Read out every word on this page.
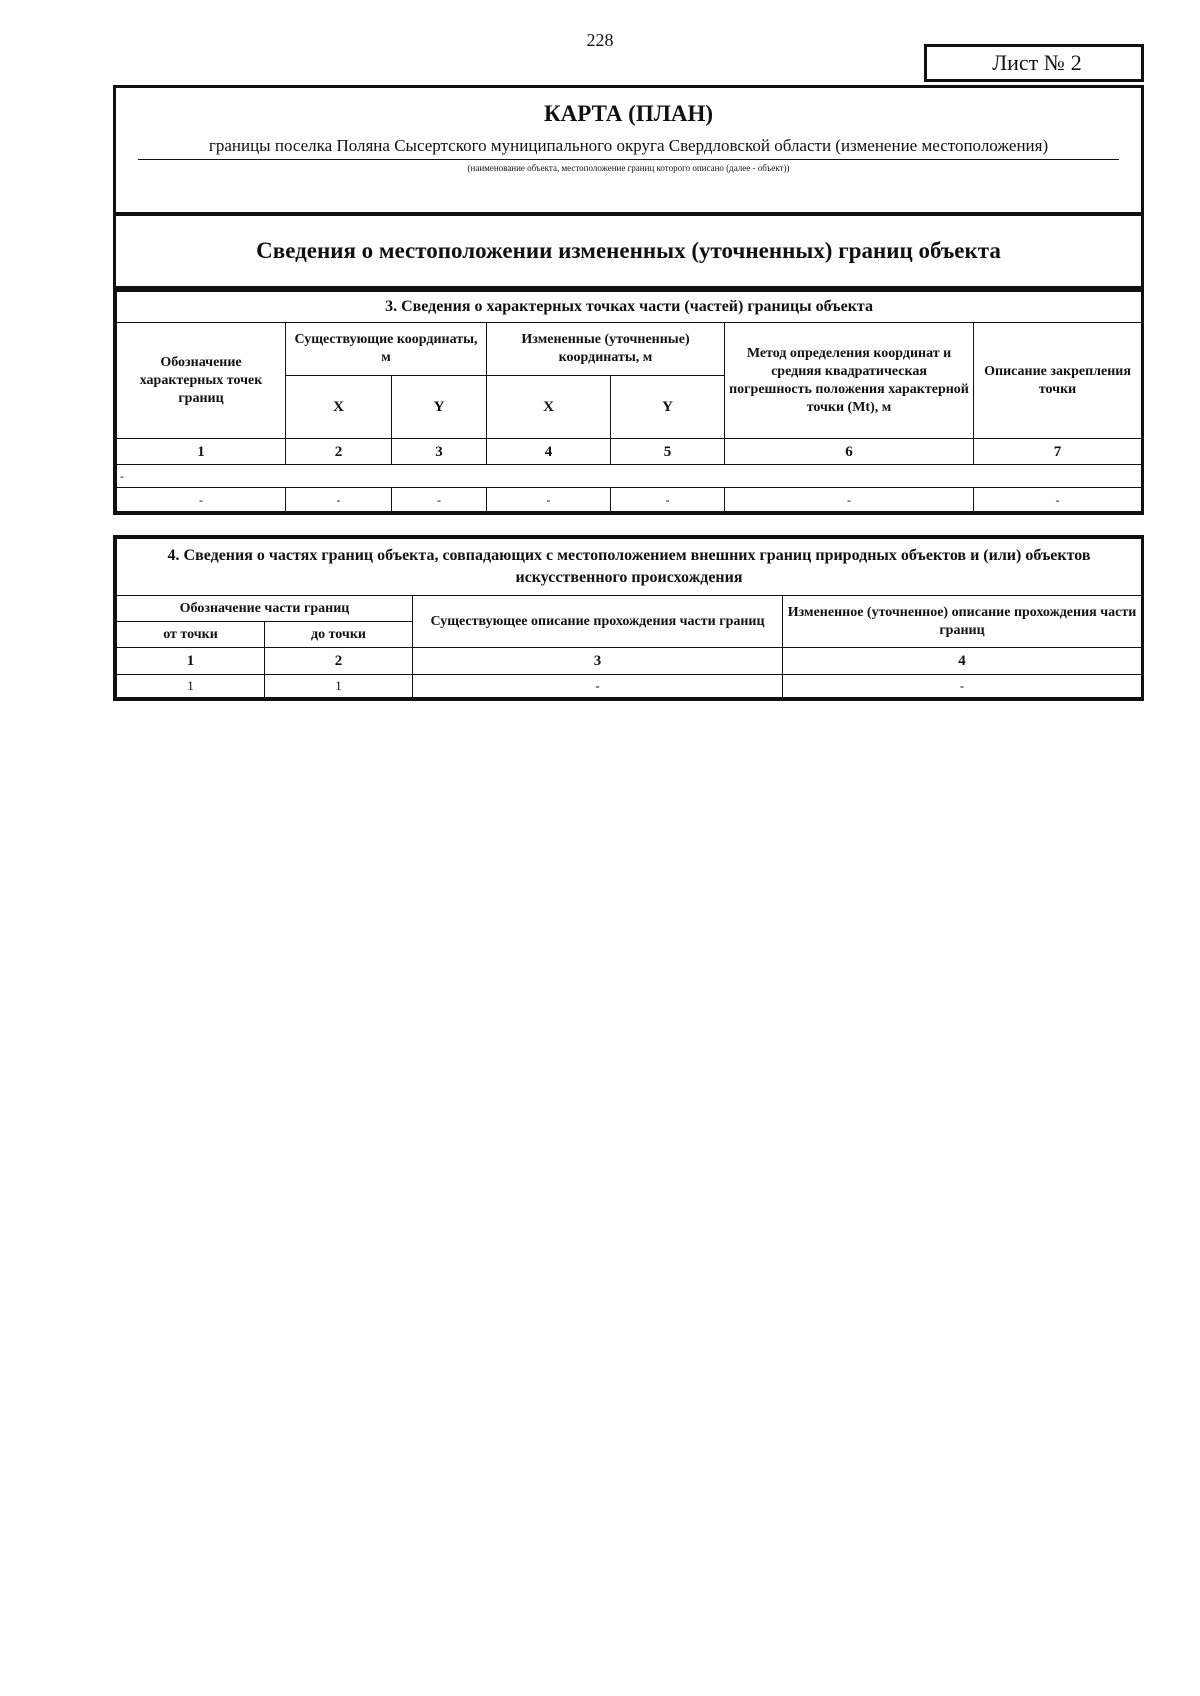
228
Лист № 2
КАРТА (ПЛАН)
границы поселка Поляна Сысертского муниципального округа Свердловской области (изменение местоположения)
(наименование объекта, местоположение границ которого описано (далее - объект))
Сведения о местоположении измененных (уточненных) границ объекта
3. Сведения о характерных точках части (частей) границы объекта						
Обозначение характерных точек границ	Существующие координаты, м		Измененные (уточненные) координаты, м		Метод определения координат и средняя квадратическая погрешность положения характерной точки (Mt), м	Описание закрепления точки
	X	Y	X	Y		
1	2	3	4	5	6	7
-						
-	-	-	-	-	-	-
4. Сведения о частях границ объекта, совпадающих с местоположением внешних границ природных объектов и (или) объектов искусственного происхождения			
Обозначение части границ		Существующее описание прохождения части границ	Измененное (уточненное) описание прохождения части границ
от точки	до точки		
1	2	3	4
1	1	-	-
